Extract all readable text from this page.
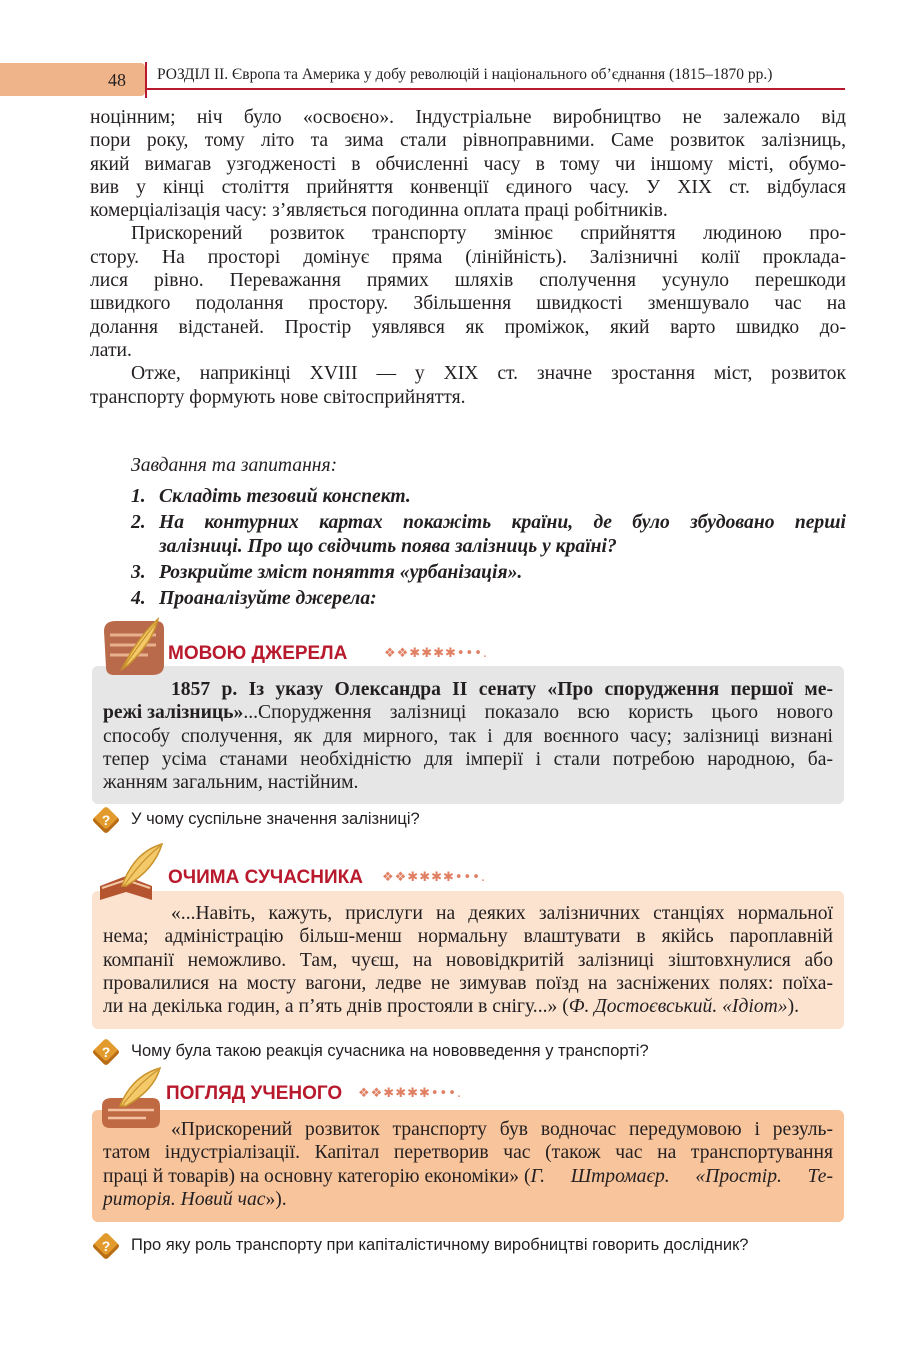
48 РОЗДІЛ ІІ. Європа та Америка у добу революцій і національного об’єднання (1815–1870 рр.)
ноцінним; ніч було «освоєно». Індустріальне виробництво не залежало від
пори року, тому літо та зима стали рівноправними. Саме розвиток залізниць,
який вимагав узгодженості в обчисленні часу в тому чи іншому місті, обумо-
вив у кінці століття прийняття конвенції єдиного часу. У XIX ст. відбулася
комерціалізація часу: з’являється погодинна оплата праці робітників.
Прискорений розвиток транспорту змінює сприйняття людиною про-
стору. На просторі домінує пряма (лінійність). Залізничні колії проклада-
лися рівно. Переважання прямих шляхів сполучення усунуло перешкоди
швидкого подолання простору. Збільшення швидкості зменшувало час на
долання відстаней. Простір уявлявся як проміжок, який варто швидко до-
лати.
Отже, наприкінці XVIII — у XIX ст. значне зростання міст, розвиток
транспорту формують нове світосприйняття.
Завдання та запитання:
1. Складіть тезовий конспект.
2. На контурних картах покажіть країни, де було збудовано перші
залізниці. Про що свідчить поява залізниць у країні?
3. Розкрийте зміст поняття «урбанізація».
4. Проаналізуйте джерела:
МОВОЮ ДЖЕРЕЛА	❖❖✱✱✱✱•••.
1857 р. Із указу Олександра II сенату «Про спорудження першої ме-
режі залізниць» ...Спорудження залізниці показало всю користь цього нового
способу сполучення, як для мирного, так і для воєнного часу; залізниці визнані
тепер усіма станами необхідністю для імперії і стали потребою народною, ба-
жанням загальним, настійним.
?	У чому суспільне значення залізниці?
ОЧИМА СУЧАСНИКА ❖❖✱✱✱✱•••.
«...Навіть, кажуть, прислуги на деяких залізничних станціях нормальної
нема; адміністрацію більш-менш нормальну влаштувати в якійсь пароплавній
компанії неможливо. Там, чуєш, на нововідкритій залізниці зіштовхнулися або
провалилися на мосту вагони, ледве не зимував поїзд на засніжених полях: поїха-
ли на декілька годин, а п’ять днів простояли в снігу...» (Ф. Достоєвський. «Ідіот»).
?	Чому була такою реакція сучасника на нововведення у транспорті?
ПОГЛЯД УЧЕНОГО ❖❖✱✱✱✱•••.
«Прискорений розвиток транспорту був водночас передумовою і резуль-
татом індустріалізації. Капітал перетворив час (також час на транспортування
праці й товарів) на основну категорію економіки» ( Г. Штромаєр. «Простір. Те-
риторія. Новий час»).
?	Про яку роль транспорту при капіталістичному виробництві говорить дослідник?
